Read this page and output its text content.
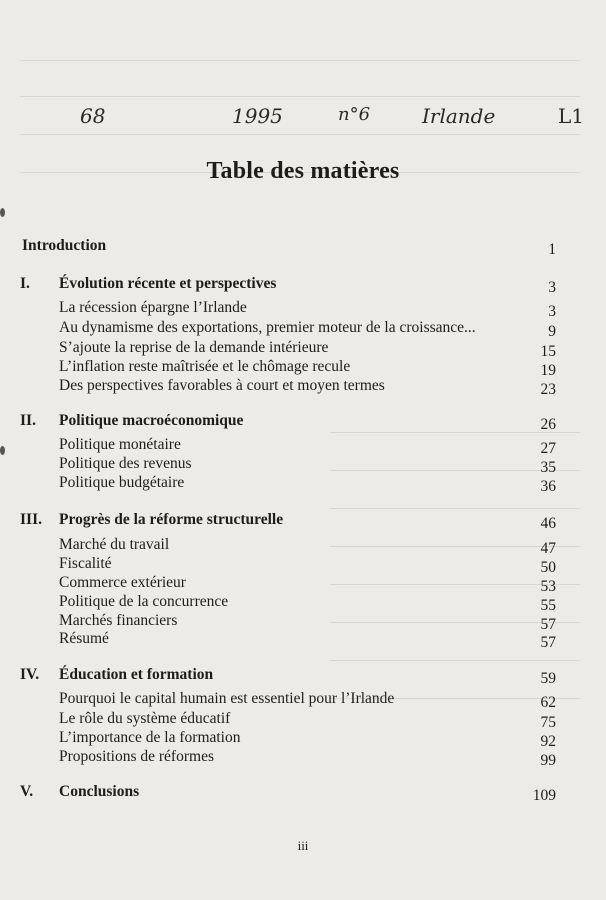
68	1995	n°6	Irlande	L1
Table des matières
Introduction	1
I.	Évolution récente et perspectives	3
La récession épargne l’Irlande	3
Au dynamisme des exportations, premier moteur de la croissance...	9
S’ajoute la reprise de la demande intérieure	15
L’inflation reste maîtrisée et le chômage recule	19
Des perspectives favorables à court et moyen termes	23
II.	Politique macroéconomique	26
Politique monétaire	27
Politique des revenus	35
Politique budgétaire	36
III.	Progrès de la réforme structurelle	46
Marché du travail	47
Fiscalité	50
Commerce extérieur	53
Politique de la concurrence	55
Marchés financiers	57
Résumé	57
IV.	Éducation et formation	59
Pourquoi le capital humain est essentiel pour l’Irlande	62
Le rôle du système éducatif	75
L’importance de la formation	92
Propositions de réformes	99
V.	Conclusions	109
iii
